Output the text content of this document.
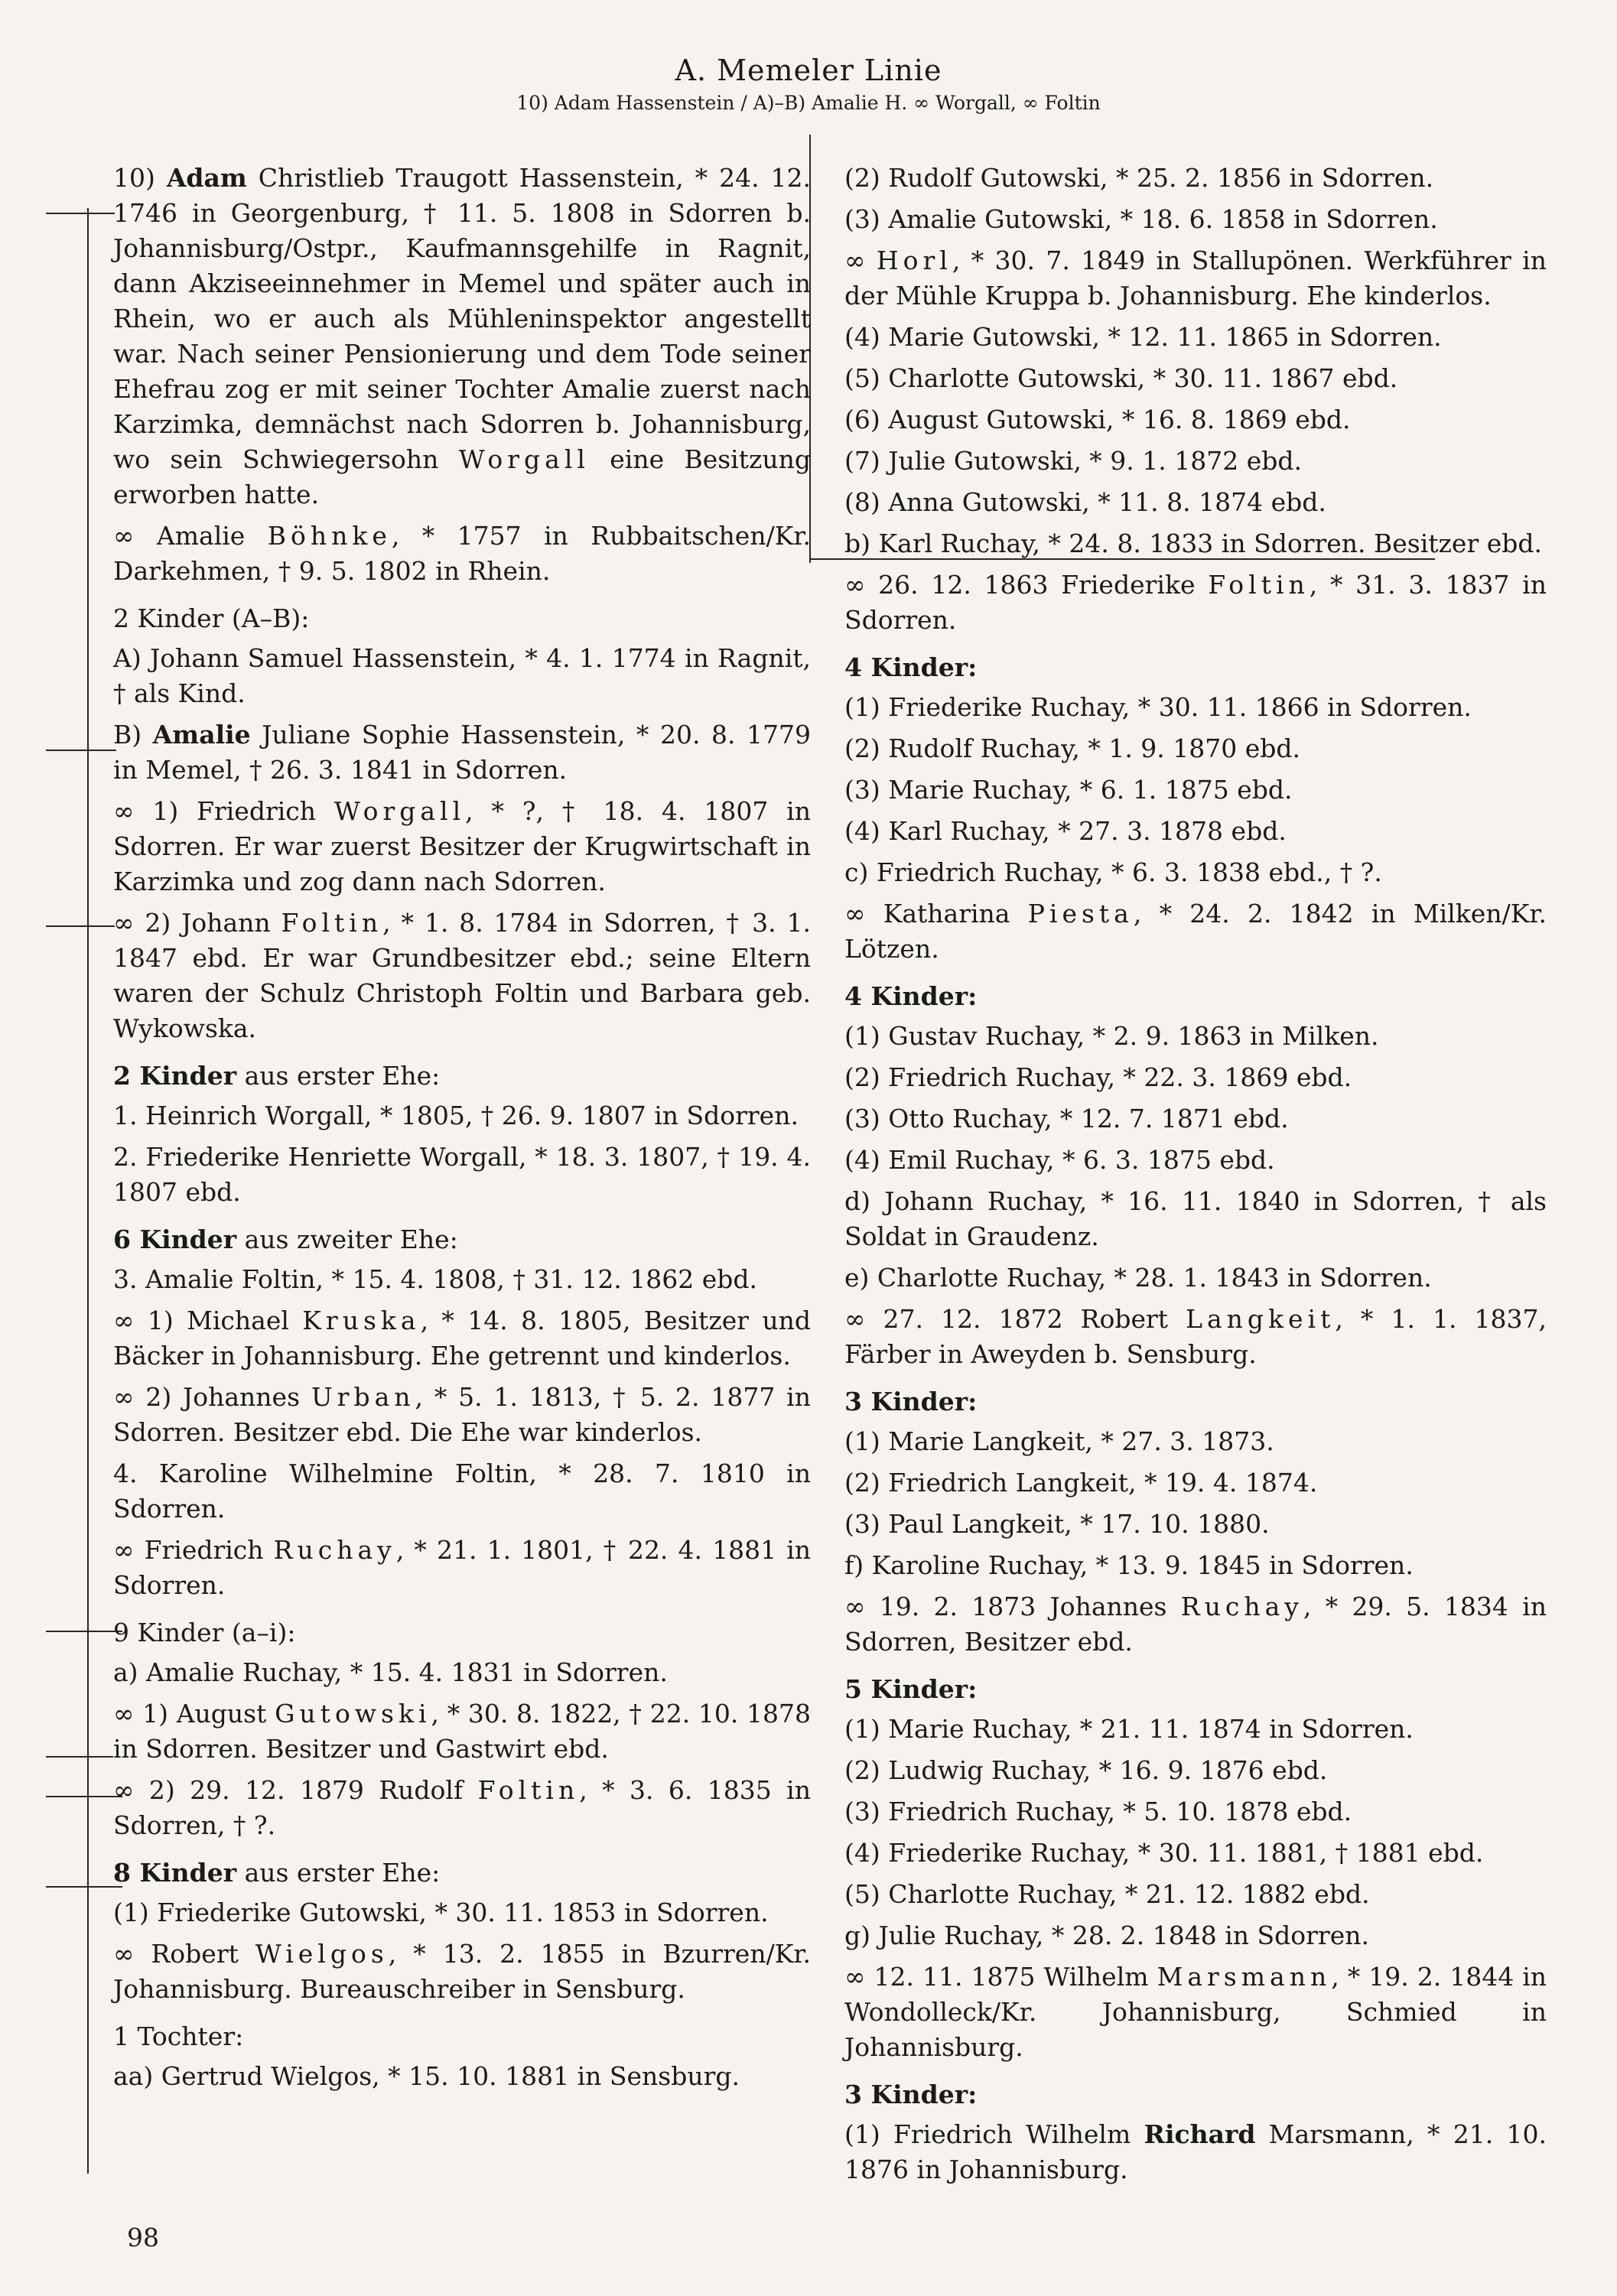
A. Memeler Linie
10) Adam Hassenstein / A)–B) Amalie H. ∞ Worgall, ∞ Foltin

10) Adam Christlieb Traugott Hassenstein, * 24. 12. 1746 in Georgenburg, † 11. 5. 1808 in Sdorren b. Johannisburg/Ostpr., Kaufmannsgehilfe in Ragnit, dann Akziseeinnehmer in Memel und später auch in Rhein, wo er auch als Mühleninspektor angestellt war. Nach seiner Pensionierung und dem Tode seiner Ehefrau zog er mit seiner Tochter Amalie zuerst nach Karzimka, demnächst nach Sdorren b. Johannisburg, wo sein Schwiegersohn Worgall eine Besitzung erworben hatte.

∞ Amalie Böhnke, * 1757 in Rubbaitschen/Kr. Darkehmen, † 9. 5. 1802 in Rhein.

2 Kinder (A–B):

A) Johann Samuel Hassenstein, * 4. 1. 1774 in Ragnit, † als Kind.

B) Amalie Juliane Sophie Hassenstein, * 20. 8. 1779 in Memel, † 26. 3. 1841 in Sdorren.

∞ 1) Friedrich Worgall, * ?, † 18. 4. 1807 in Sdorren. Er war zuerst Besitzer der Krugwirtschaft in Karzimka und zog dann nach Sdorren.

∞ 2) Johann Foltin, * 1. 8. 1784 in Sdorren, † 3. 1. 1847 ebd. Er war Grundbesitzer ebd.; seine Eltern waren der Schulz Christoph Foltin und Barbara geb. Wykowska.

2 Kinder aus erster Ehe:

1. Heinrich Worgall, * 1805, † 26. 9. 1807 in Sdorren.

2. Friederike Henriette Worgall, * 18. 3. 1807, † 19. 4. 1807 ebd.

6 Kinder aus zweiter Ehe:

3. Amalie Foltin, * 15. 4. 1808, † 31. 12. 1862 ebd.

∞ 1) Michael Kruska, * 14. 8. 1805, Besitzer und Bäcker in Johannisburg. Ehe getrennt und kinderlos.

∞ 2) Johannes Urban, * 5. 1. 1813, † 5. 2. 1877 in Sdorren. Besitzer ebd. Die Ehe war kinderlos.

4. Karoline Wilhelmine Foltin, * 28. 7. 1810 in Sdorren.

∞ Friedrich Ruchay, * 21. 1. 1801, † 22. 4. 1881 in Sdorren.

9 Kinder (a–i):

a) Amalie Ruchay, * 15. 4. 1831 in Sdorren.

∞ 1) August Gutowski, * 30. 8. 1822, † 22. 10. 1878 in Sdorren. Besitzer und Gastwirt ebd.

∞ 2) 29. 12. 1879 Rudolf Foltin, * 3. 6. 1835 in Sdorren, † ?.

8 Kinder aus erster Ehe:

(1) Friederike Gutowski, * 30. 11. 1853 in Sdorren.

∞ Robert Wielgos, * 13. 2. 1855 in Bzurren/Kr. Johannisburg. Bureauschreiber in Sensburg.

1 Tochter:

aa) Gertrud Wielgos, * 15. 10. 1881 in Sensburg.

(2) Rudolf Gutowski, * 25. 2. 1856 in Sdorren.

(3) Amalie Gutowski, * 18. 6. 1858 in Sdorren.

∞ Horl, * 30. 7. 1849 in Stallupönen. Werkführer in der Mühle Kruppa b. Johannisburg. Ehe kinderlos.

(4) Marie Gutowski, * 12. 11. 1865 in Sdorren.

(5) Charlotte Gutowski, * 30. 11. 1867 ebd.

(6) August Gutowski, * 16. 8. 1869 ebd.

(7) Julie Gutowski, * 9. 1. 1872 ebd.

(8) Anna Gutowski, * 11. 8. 1874 ebd.

b) Karl Ruchay, * 24. 8. 1833 in Sdorren. Besitzer ebd.

∞ 26. 12. 1863 Friederike Foltin, * 31. 3. 1837 in Sdorren.

4 Kinder:

(1) Friederike Ruchay, * 30. 11. 1866 in Sdorren.

(2) Rudolf Ruchay, * 1. 9. 1870 ebd.

(3) Marie Ruchay, * 6. 1. 1875 ebd.

(4) Karl Ruchay, * 27. 3. 1878 ebd.

c) Friedrich Ruchay, * 6. 3. 1838 ebd., † ?.

∞ Katharina Piesta, * 24. 2. 1842 in Milken/Kr. Lötzen.

4 Kinder:

(1) Gustav Ruchay, * 2. 9. 1863 in Milken.

(2) Friedrich Ruchay, * 22. 3. 1869 ebd.

(3) Otto Ruchay, * 12. 7. 1871 ebd.

(4) Emil Ruchay, * 6. 3. 1875 ebd.

d) Johann Ruchay, * 16. 11. 1840 in Sdorren, † als Soldat in Graudenz.

e) Charlotte Ruchay, * 28. 1. 1843 in Sdorren.

∞ 27. 12. 1872 Robert Langkeit, * 1. 1. 1837, Färber in Aweyden b. Sensburg.

3 Kinder:

(1) Marie Langkeit, * 27. 3. 1873.

(2) Friedrich Langkeit, * 19. 4. 1874.

(3) Paul Langkeit, * 17. 10. 1880.

f) Karoline Ruchay, * 13. 9. 1845 in Sdorren.

∞ 19. 2. 1873 Johannes Ruchay, * 29. 5. 1834 in Sdorren, Besitzer ebd.

5 Kinder:

(1) Marie Ruchay, * 21. 11. 1874 in Sdorren.

(2) Ludwig Ruchay, * 16. 9. 1876 ebd.

(3) Friedrich Ruchay, * 5. 10. 1878 ebd.

(4) Friederike Ruchay, * 30. 11. 1881, † 1881 ebd.

(5) Charlotte Ruchay, * 21. 12. 1882 ebd.

g) Julie Ruchay, * 28. 2. 1848 in Sdorren.

∞ 12. 11. 1875 Wilhelm Marsmann, * 19. 2. 1844 in Wondolleck/Kr. Johannisburg, Schmied in Johannisburg.

3 Kinder:

(1) Friedrich Wilhelm Richard Marsmann, * 21. 10. 1876 in Johannisburg.

98
